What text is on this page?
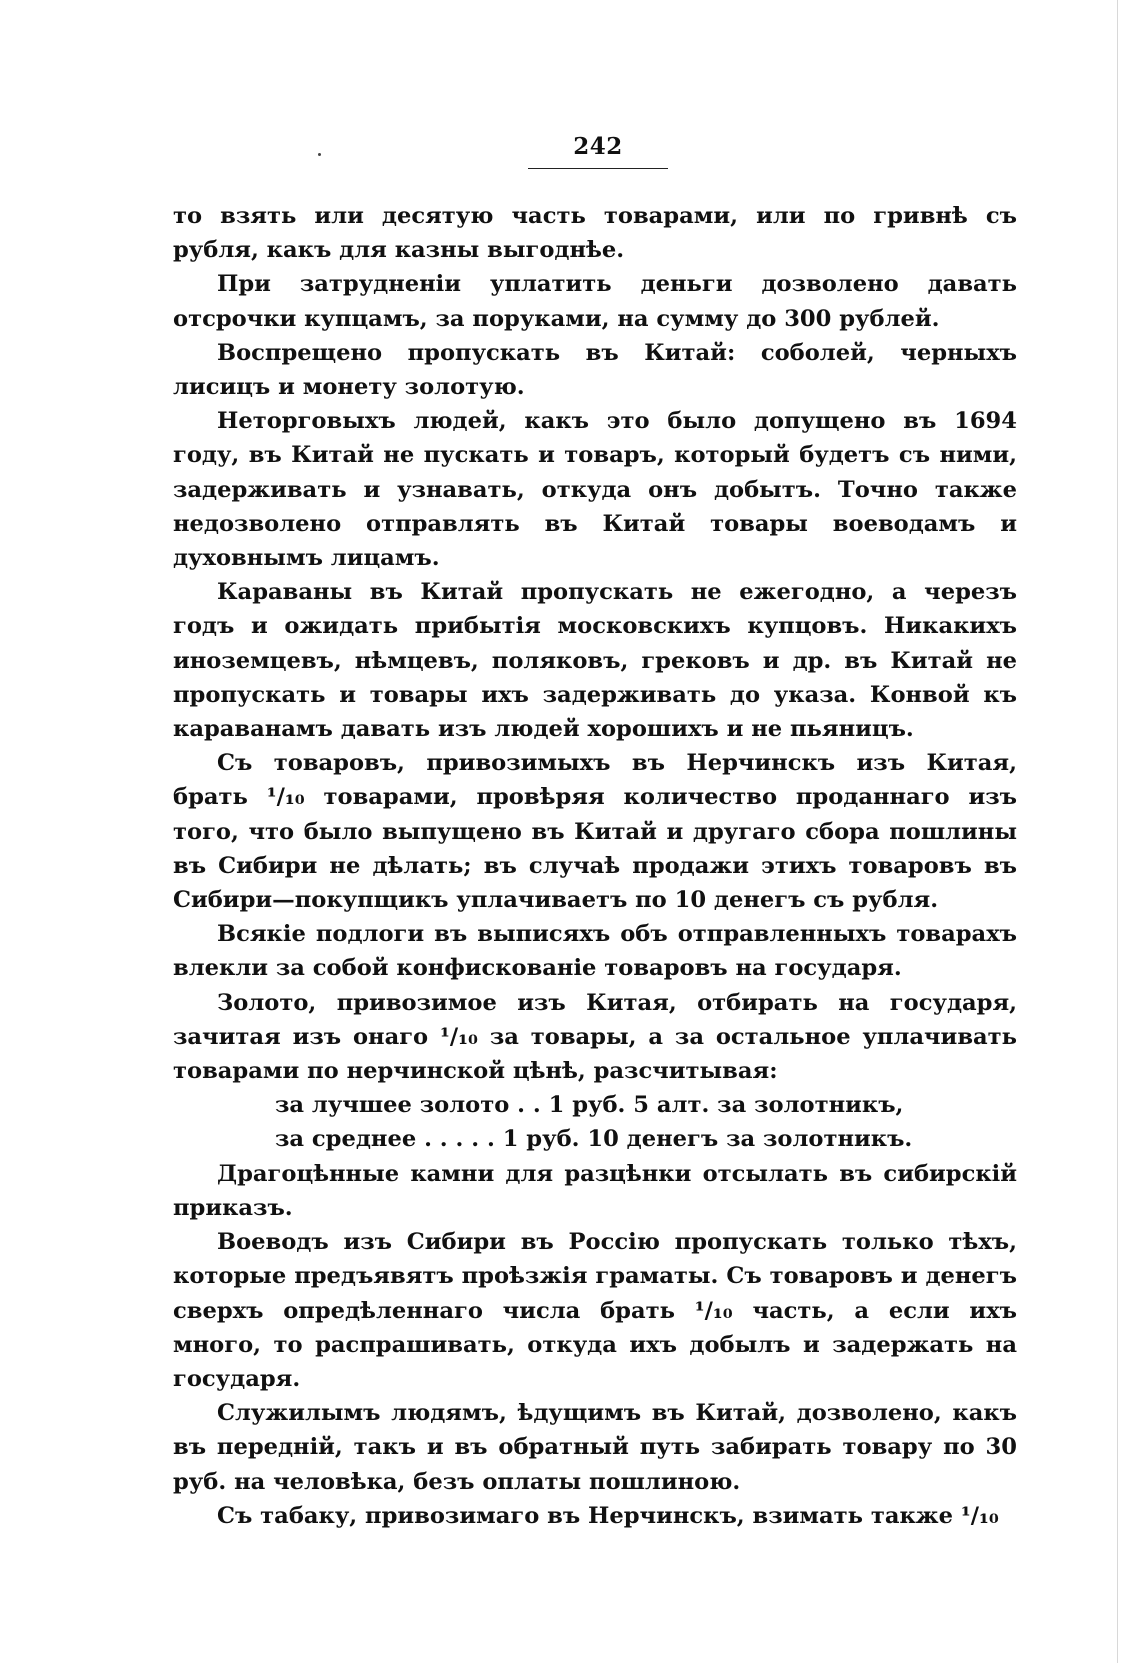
242

то взять или десятую часть товарами, или по гривнѣ съ рубля, какъ для казны выгоднѣе.

При затрудненіи уплатить деньги дозволено давать отсрочки купцамъ, за поруками, на сумму до 300 рублей.

Воспрещено пропускать въ Китай: соболей, черныхъ лисицъ и монету золотую.

Неторговыхъ людей, какъ это было допущено въ 1694 году, въ Китай не пускать и товаръ, который будетъ съ ними, задерживать и узнавать, откуда онъ добытъ. Точно также недозволено отправлять въ Китай товары воеводамъ и духовнымъ лицамъ.

Караваны въ Китай пропускать не ежегодно, а черезъ годъ и ожидать прибытія московскихъ купцовъ. Никакихъ иноземцевъ, нѣмцевъ, поляковъ, грековъ и др. въ Китай не пропускать и товары ихъ задерживать до указа. Конвой къ караванамъ давать изъ людей хорошихъ и не пьяницъ.

Съ товаровъ, привозимыхъ въ Нерчинскъ изъ Китая, брать ¹/₁₀ товарами, провѣряя количество проданнаго изъ того, что было выпущено въ Китай и другаго сбора пошлины въ Сибири не дѣлать; въ случаѣ продажи этихъ товаровъ въ Сибири—покупщикъ уплачиваетъ по 10 денегъ съ рубля.

Всякіе подлоги въ выписяхъ объ отправленныхъ товарахъ влекли за собой конфискованіе товаровъ на государя.

Золото, привозимое изъ Китая, отбирать на государя, зачитая изъ онаго ¹/₁₀ за товары, а за остальное уплачивать товарами по нерчинской цѣнѣ, разсчитывая:

за лучшее золото . . 1 руб. 5 алт. за золотникъ,

за среднее . . . . . 1 руб. 10 денегъ за золотникъ.

Драгоцѣнные камни для разцѣнки отсылать въ сибирскій приказъ.

Воеводъ изъ Сибири въ Россію пропускать только тѣхъ, которые предъявятъ проѣзжія граматы. Съ товаровъ и денегъ сверхъ опредѣленнаго числа брать ¹/₁₀ часть, а если ихъ много, то распрашивать, откуда ихъ добылъ и задержать на государя.

Служилымъ людямъ, ѣдущимъ въ Китай, дозволено, какъ въ передній, такъ и въ обратный путь забирать товару по 30 руб. на человѣка, безъ оплаты пошлиною.

Съ табаку, привозимаго въ Нерчинскъ, взимать также ¹/₁₀
